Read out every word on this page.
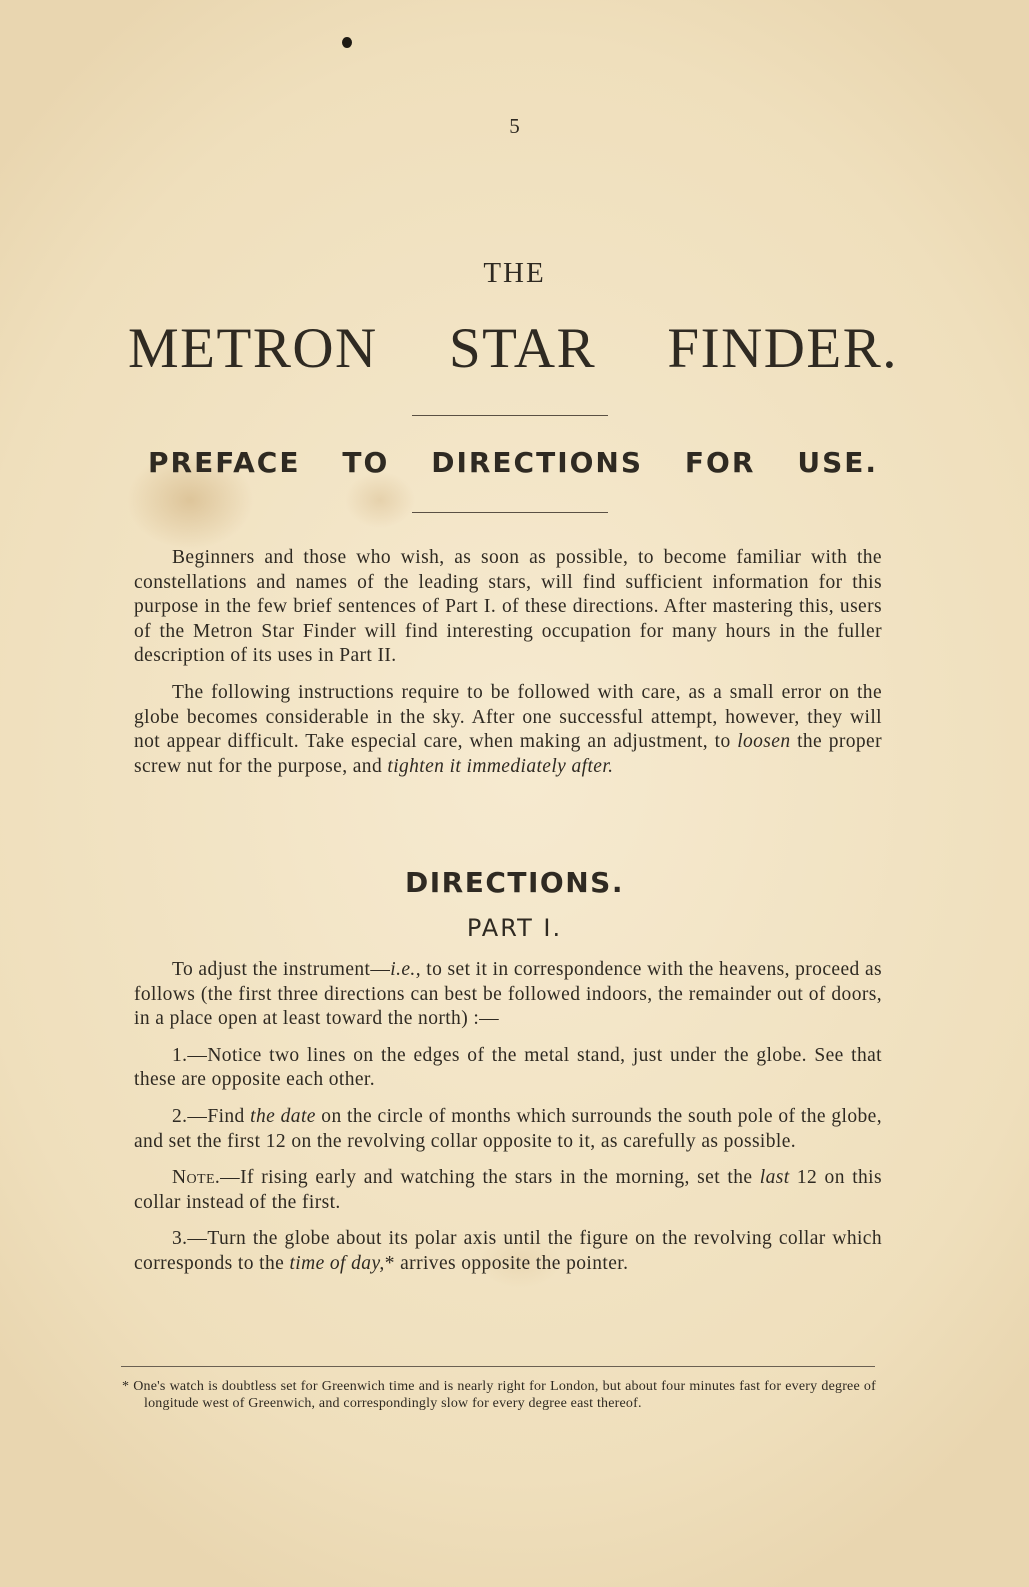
5
THE
METRON STAR FINDER.
PREFACE TO DIRECTIONS FOR USE.

Beginners and those who wish, as soon as possible, to become familiar with the constellations and names of the leading stars, will find sufficient information for this purpose in the few brief sentences of Part I. of these directions. After mastering this, users of the Metron Star Finder will find interesting occupation for many hours in the fuller description of its uses in Part II.

The following instructions require to be followed with care, as a small error on the globe becomes considerable in the sky. After one successful attempt, however, they will not appear difficult. Take especial care, when making an adjustment, to loosen the proper screw nut for the purpose, and tighten it immediately after.

DIRECTIONS.
PART I.

To adjust the instrument—i.e., to set it in correspondence with the heavens, proceed as follows (the first three directions can best be followed indoors, the remainder out of doors, in a place open at least toward the north) :—

1.—Notice two lines on the edges of the metal stand, just under the globe. See that these are opposite each other.

2.—Find the date on the circle of months which surrounds the south pole of the globe, and set the first 12 on the revolving collar opposite to it, as carefully as possible.

Note.—If rising early and watching the stars in the morning, set the last 12 on this collar instead of the first.

3.—Turn the globe about its polar axis until the figure on the revolving collar which corresponds to the time of day,* arrives opposite the pointer.

* One's watch is doubtless set for Greenwich time and is nearly right for London, but about four minutes fast for every degree of longitude west of Greenwich, and correspondingly slow for every degree east thereof.
